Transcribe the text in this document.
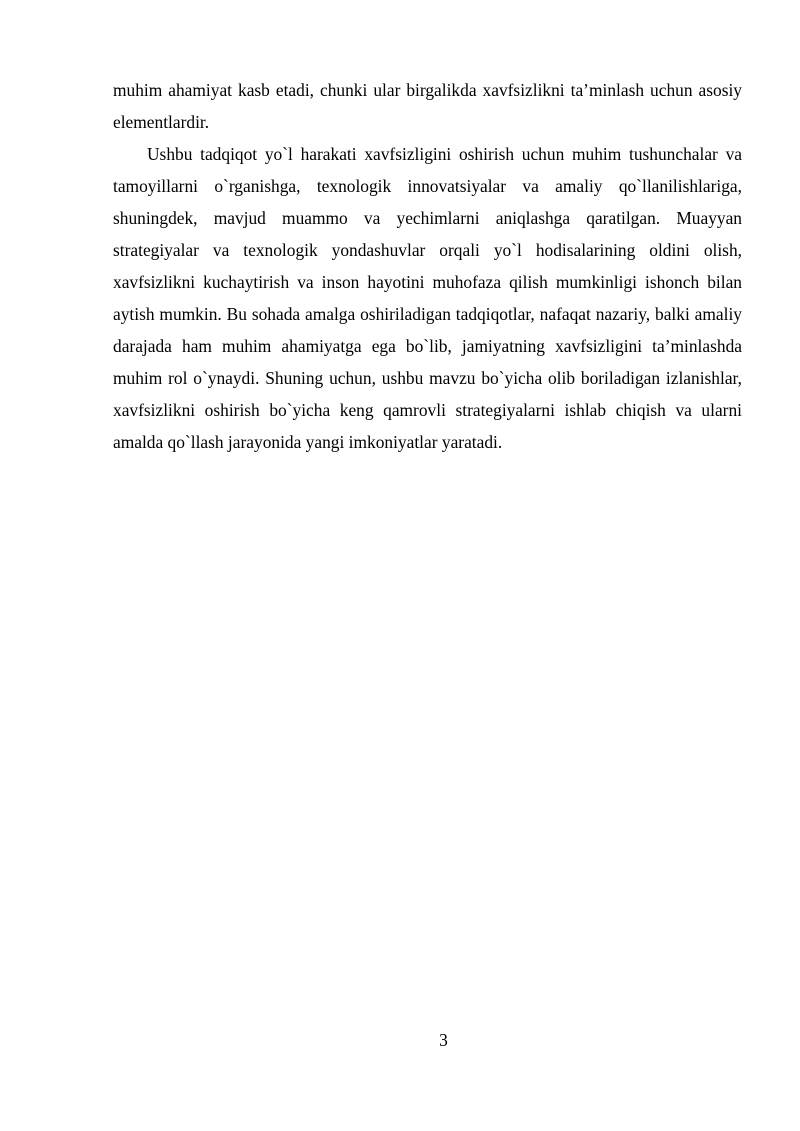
muhim ahamiyat kasb etadi, chunki ular birgalikda xavfsizlikni ta’minlash uchun asosiy elementlardir.

Ushbu tadqiqot yo`l harakati xavfsizligini oshirish uchun muhim tushunchalar va tamoyillarni o`rganishga, texnologik innovatsiyalar va amaliy qo`llanilishlariga, shuningdek, mavjud muammo va yechimlarni aniqlashga qaratilgan. Muayyan strategiyalar va texnologik yondashuvlar orqali yo`l hodisalarining oldini olish, xavfsizlikni kuchaytirish va inson hayotini muhofaza qilish mumkinligi ishonch bilan aytish mumkin. Bu sohada amalga oshiriladigan tadqiqotlar, nafaqat nazariy, balki amaliy darajada ham muhim ahamiyatga ega bo`lib, jamiyatning xavfsizligini ta’minlashda muhim rol o`ynaydi. Shuning uchun, ushbu mavzu bo`yicha olib boriladigan izlanishlar, xavfsizlikni oshirish bo`yicha keng qamrovli strategiyalarni ishlab chiqish va ularni amalda qo`llash jarayonida yangi imkoniyatlar yaratadi.

3
